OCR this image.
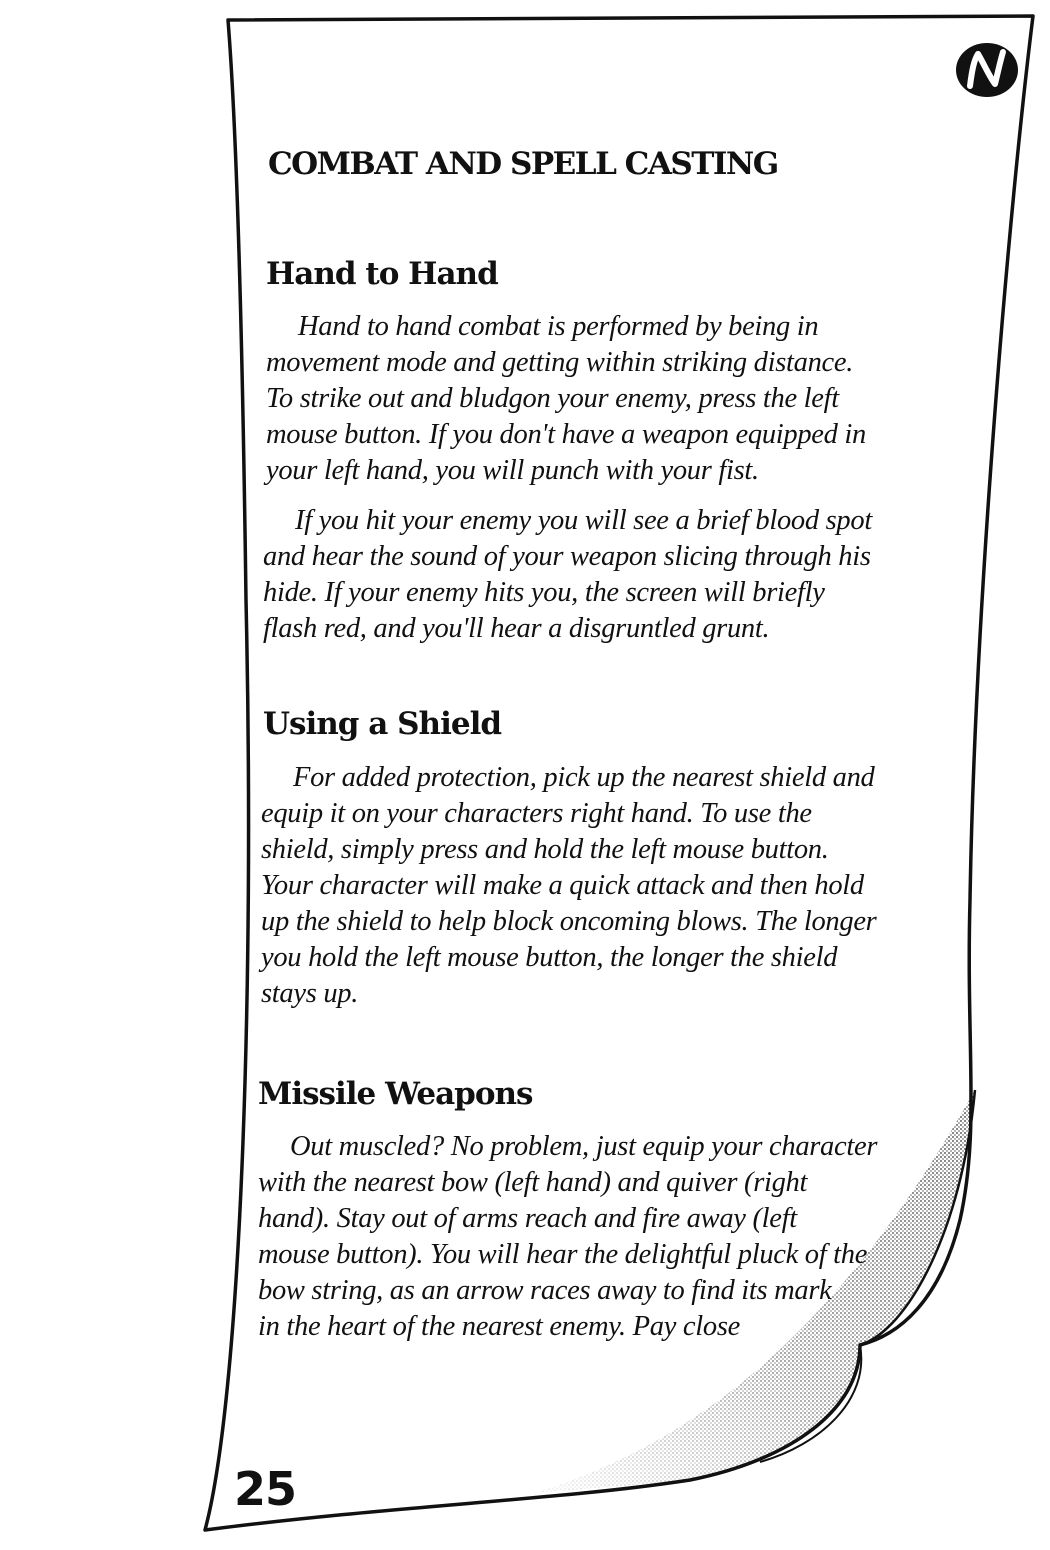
COMBAT AND SPELL CASTING
Hand to Hand

Hand to hand combat is performed by being in
movement mode and getting within striking distance.
To strike out and bludgon your enemy, press the left
mouse button. If you don't have a weapon equipped in
your left hand, you will punch with your fist.

If you hit your enemy you will see a brief blood spot
and hear the sound of your weapon slicing through his
hide. If your enemy hits you, the screen will briefly
flash red, and you'll hear a disgruntled grunt.

Using a Shield

For added protection, pick up the nearest shield and
equip it on your characters right hand. To use the
shield, simply press and hold the left mouse button.
Your character will make a quick attack and then hold
up the shield to help block oncoming blows. The longer
you hold the left mouse button, the longer the shield
stays up.

Missile Weapons

Out muscled? No problem, just equip your character
with the nearest bow (left hand) and quiver (right
hand). Stay out of arms reach and fire away (left
mouse button). You will hear the delightful pluck of the
bow string, as an arrow races away to find its mark
in the heart of the nearest enemy. Pay close

25
